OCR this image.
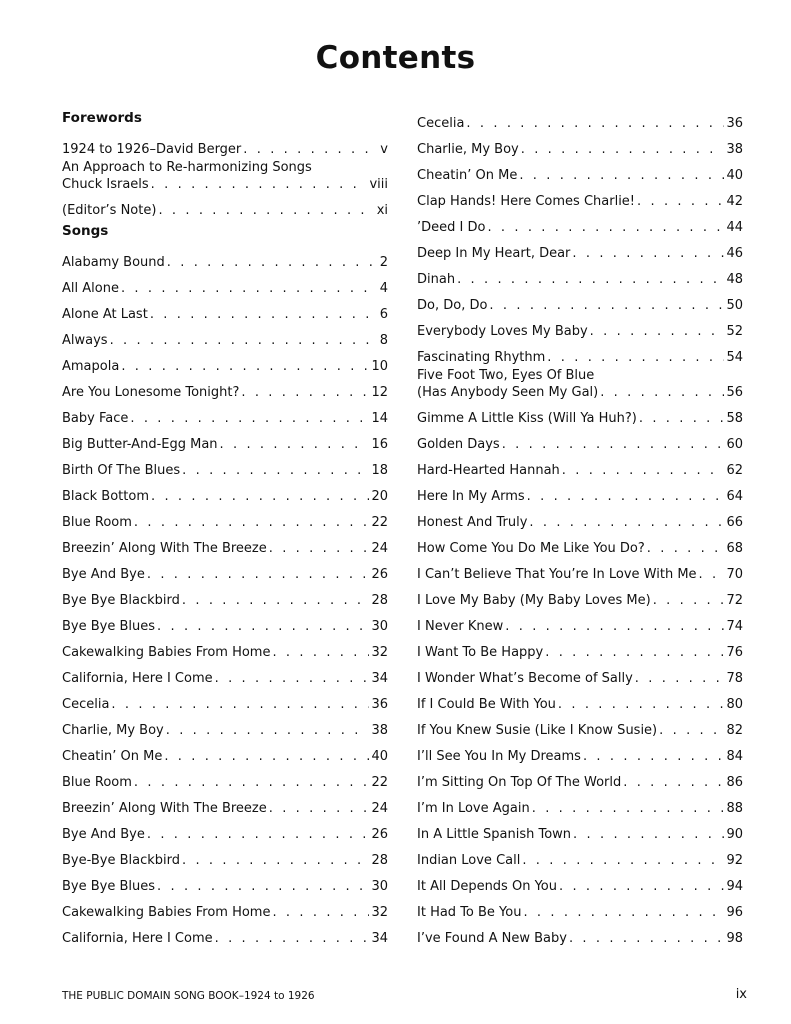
Contents
Forewords
1924 to 1926–David Berger . . .	v
An Approach to Re-harmonizing Songs
Chuck Israels . . .	viii
(Editor’s Note) . . .	xi
Songs
Alabamy Bound . . .	2
All Alone . . .	4
Alone At Last . . .	6
Always . . .	8
Amapola . . .	10
Are You Lonesome Tonight? . . .	12
Baby Face . . .	14
Big Butter-And-Egg Man . . .	16
Birth Of The Blues . . .	18
Black Bottom . . .	20
Blue Room . . .	22
Breezin’ Along With The Breeze . . .	24
Bye And Bye . . .	26
Bye Bye Blackbird . . .	28
Bye Bye Blues . . .	30
Cakewalking Babies From Home . . .	32
California, Here I Come . . .	34
Cecelia . . .	36
Charlie, My Boy . . .	38
Cheatin’ On Me . . .	40
Blue Room . . .	22
Breezin’ Along With The Breeze . . .	24
Bye And Bye . . .	26
Bye-Bye Blackbird . . .	28
Bye Bye Blues . . .	30
Cakewalking Babies From Home . . .	32
California, Here I Come . . .	34
Cecelia . . .	36
Charlie, My Boy . . .	38
Cheatin’ On Me . . .	40
Clap Hands! Here Comes Charlie! . . .	42
’Deed I Do . . .	44
Deep In My Heart, Dear . . .	46
Dinah . . .	48
Do, Do, Do . . .	50
Everybody Loves My Baby . . .	52
Fascinating Rhythm . . .	54
Five Foot Two, Eyes Of Blue
(Has Anybody Seen My Gal) . . .	56
Gimme A Little Kiss (Will Ya Huh?) . . .	58
Golden Days . . .	60
Hard-Hearted Hannah . . .	62
Here In My Arms . . .	64
Honest And Truly . . .	66
How Come You Do Me Like You Do? . . .	68
I Can’t Believe That You’re In Love With Me . . . 70
I Love My Baby (My Baby Loves Me) . . .	72
I Never Knew . . .	74
I Want To Be Happy . . .	76
I Wonder What’s Become of Sally . . .	78
If I Could Be With You . . .	80
If You Knew Susie (Like I Know Susie) . . .	82
I’ll See You In My Dreams . . .	84
I’m Sitting On Top Of The World . . .	86
I’m In Love Again . . .	88
In A Little Spanish Town . . .	90
Indian Love Call . . .	92
It All Depends On You . . .	94
It Had To Be You . . .	96
I’ve Found A New Baby . . .	98
THE PUBLIC DOMAIN SONG BOOK–1924 to 1926	ix
